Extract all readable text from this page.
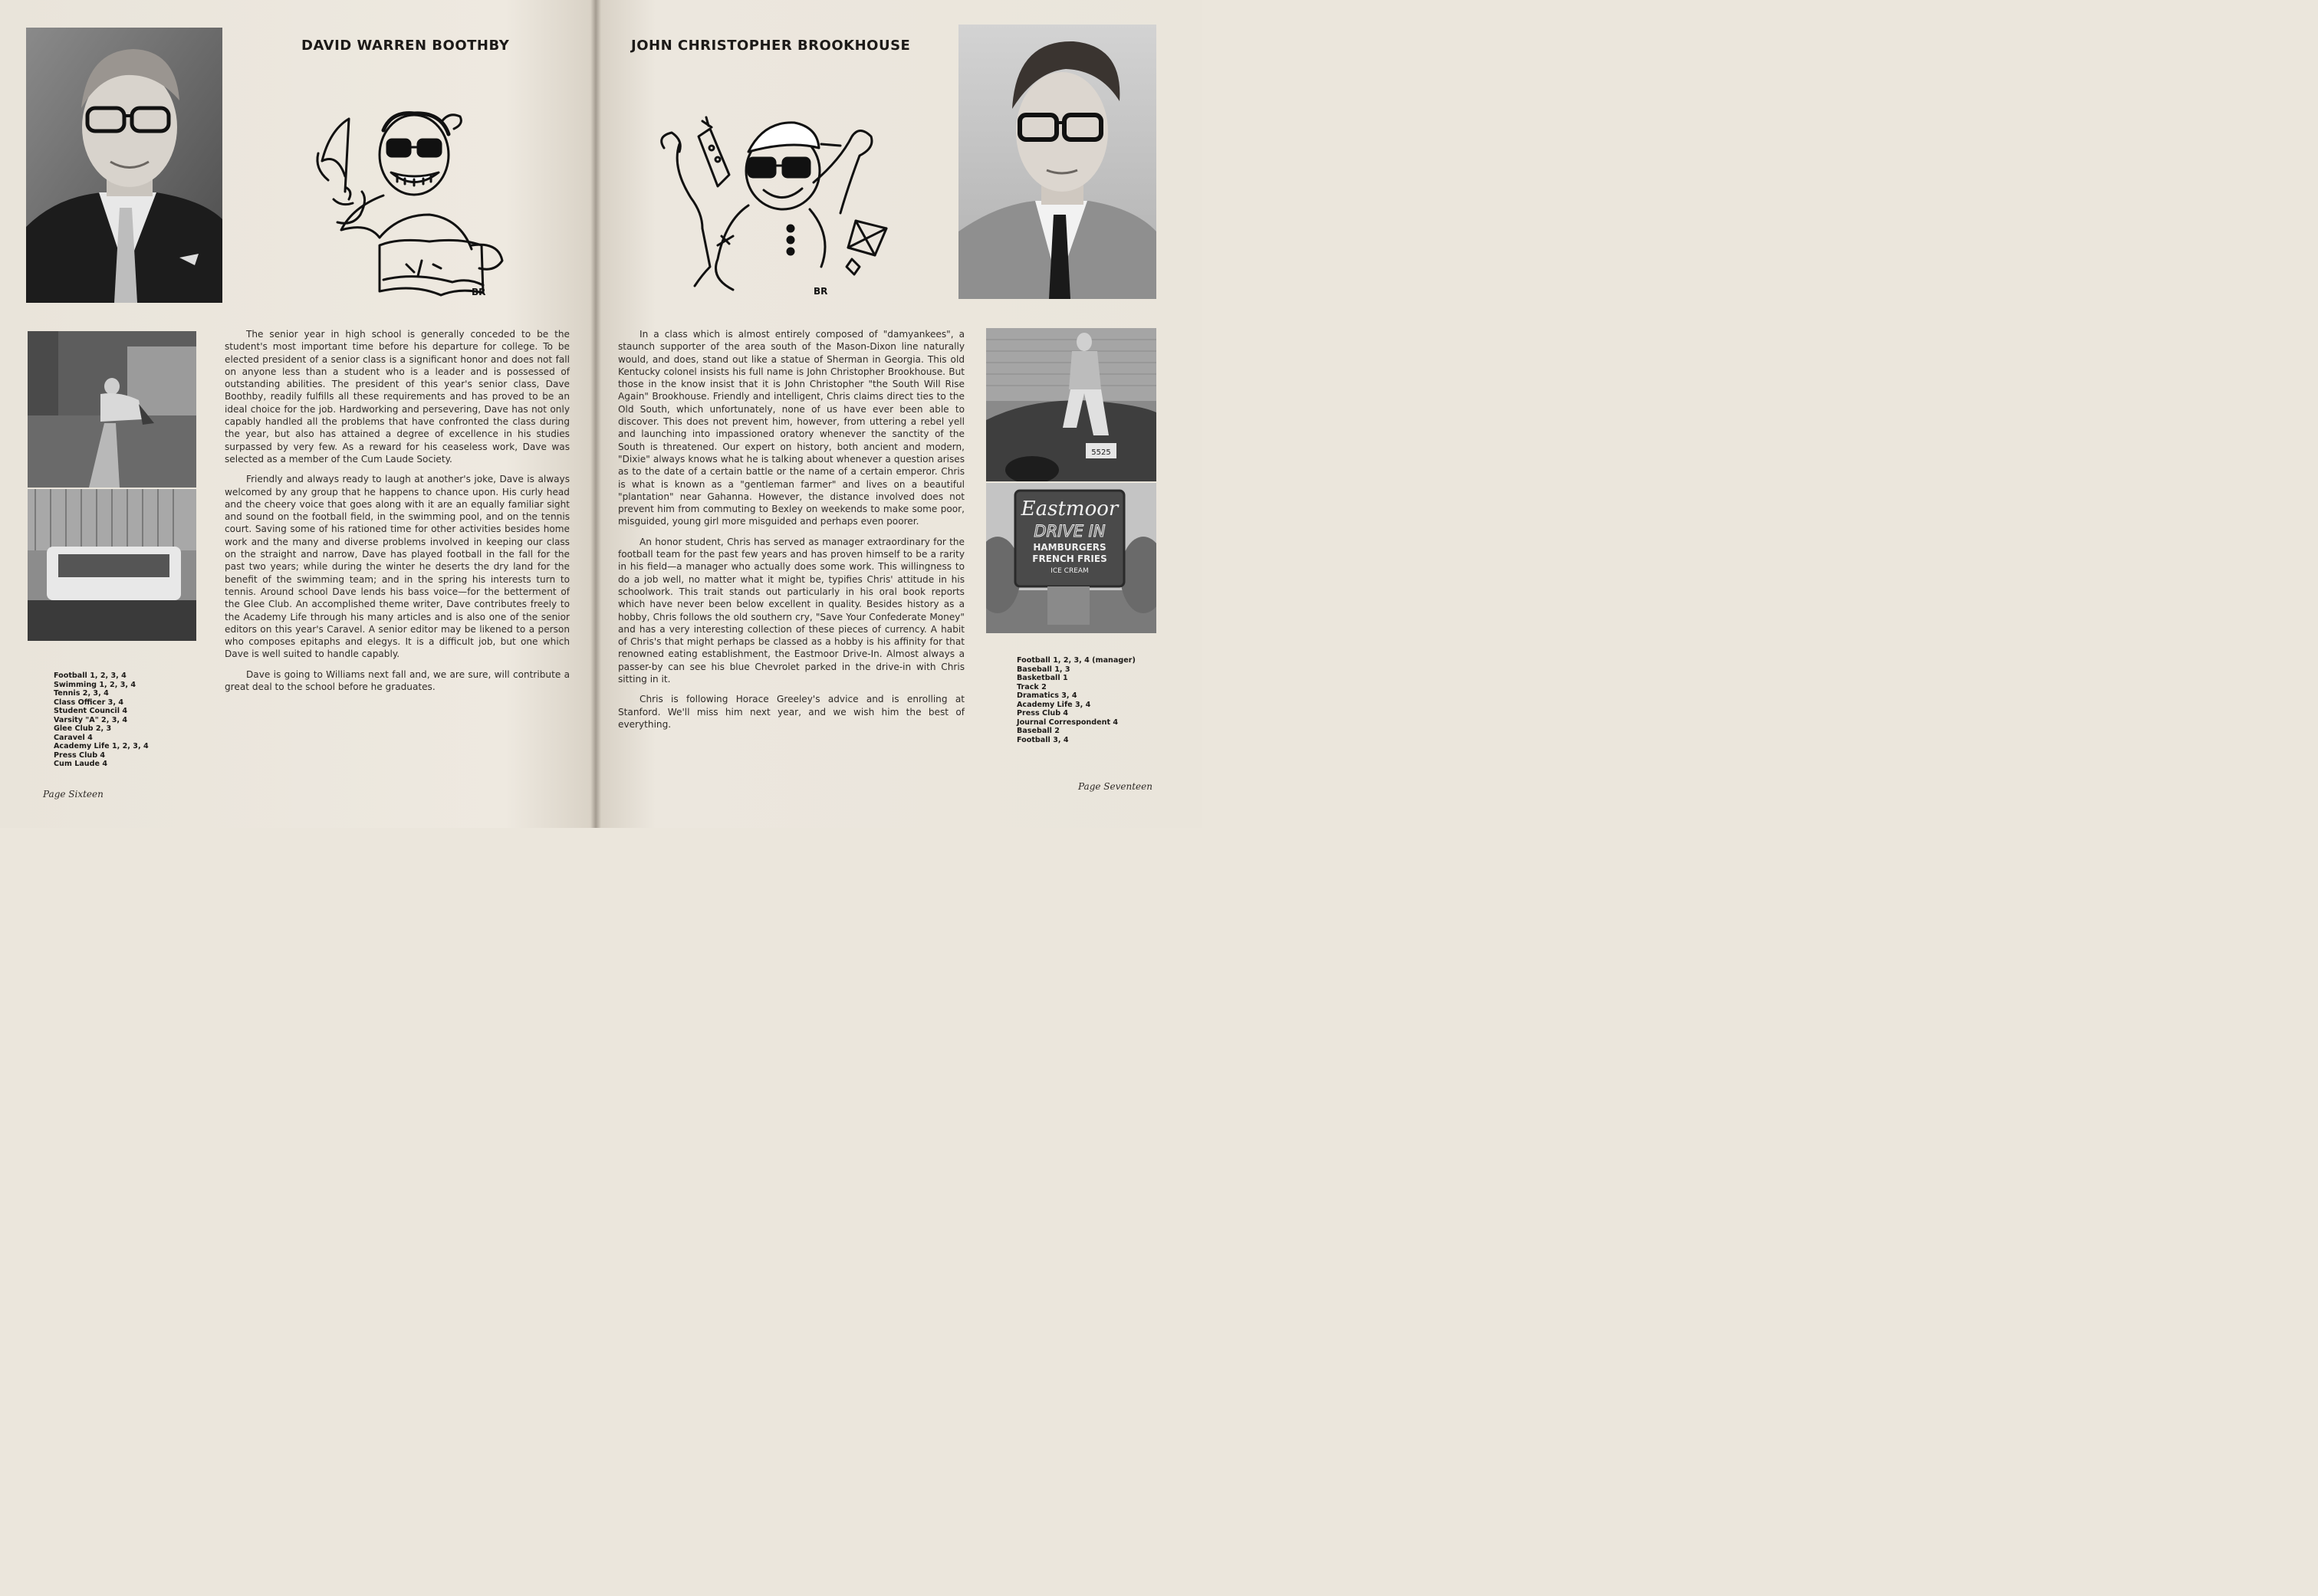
DAVID WARREN BOOTHBY
BR

The senior year in high school is generally conceded to be the student's most important time before his departure for college. To be elected president of a senior class is a significant honor and does not fall on anyone less than a student who is a leader and is possessed of outstanding abilities. The president of this year's senior class, Dave Boothby, readily fulfills all these requirements and has proved to be an ideal choice for the job. Hardworking and persevering, Dave has not only capably handled all the problems that have confronted the class during the year, but also has attained a degree of excellence in his studies surpassed by very few. As a reward for his ceaseless work, Dave was selected as a member of the Cum Laude Society.

Friendly and always ready to laugh at another's joke, Dave is always welcomed by any group that he happens to chance upon. His curly head and the cheery voice that goes along with it are an equally familiar sight and sound on the football field, in the swimming pool, and on the tennis court. Saving some of his rationed time for other activities besides home work and the many and diverse problems involved in keeping our class on the straight and narrow, Dave has played football in the fall for the past two years; while during the winter he deserts the dry land for the benefit of the swimming team; and in the spring his interests turn to tennis. Around school Dave lends his bass voice—for the betterment of the Glee Club. An accomplished theme writer, Dave contributes freely to the Academy Life through his many articles and is also one of the senior editors on this year's Caravel. A senior editor may be likened to a person who composes epitaphs and elegys. It is a difficult job, but one which Dave is well suited to handle capably.

Dave is going to Williams next fall and, we are sure, will contribute a great deal to the school before he graduates.

Football 1, 2, 3, 4
Swimming 1, 2, 3, 4
Tennis 2, 3, 4
Class Officer 3, 4
Student Council 4
Varsity "A" 2, 3, 4
Glee Club 2, 3
Caravel 4
Academy Life 1, 2, 3, 4
Press Club 4
Cum Laude 4
Page Sixteen
JOHN CHRISTOPHER BROOKHOUSE
BR
5525
Eastmoor
DRIVE IN
HAMBURGERS
FRENCH FRIES
ICE CREAM

In a class which is almost entirely composed of "damyankees", a staunch supporter of the area south of the Mason-Dixon line naturally would, and does, stand out like a statue of Sherman in Georgia. This old Kentucky colonel insists his full name is John Christopher Brookhouse. But those in the know insist that it is John Christopher "the South Will Rise Again" Brookhouse. Friendly and intelligent, Chris claims direct ties to the Old South, which unfortunately, none of us have ever been able to discover. This does not prevent him, however, from uttering a rebel yell and launching into impassioned oratory whenever the sanctity of the South is threatened. Our expert on history, both ancient and modern, "Dixie" always knows what he is talking about whenever a question arises as to the date of a certain battle or the name of a certain emperor. Chris is what is known as a "gentleman farmer" and lives on a beautiful "plantation" near Gahanna. However, the distance involved does not prevent him from commuting to Bexley on weekends to make some poor, misguided, young girl more misguided and perhaps even poorer.

An honor student, Chris has served as manager extraordinary for the football team for the past few years and has proven himself to be a rarity in his field—a manager who actually does some work. This willingness to do a job well, no matter what it might be, typifies Chris' attitude in his schoolwork. This trait stands out particularly in his oral book reports which have never been below excellent in quality. Besides history as a hobby, Chris follows the old southern cry, "Save Your Confederate Money" and has a very interesting collection of these pieces of currency. A habit of Chris's that might perhaps be classed as a hobby is his affinity for that renowned eating establishment, the Eastmoor Drive-In. Almost always a passer-by can see his blue Chevrolet parked in the drive-in with Chris sitting in it.

Chris is following Horace Greeley's advice and is enrolling at Stanford. We'll miss him next year, and we wish him the best of everything.

Football 1, 2, 3, 4 (manager)
Baseball 1, 3
Basketball 1
Track 2
Dramatics 3, 4
Academy Life 3, 4
Press Club 4
Journal Correspondent 4
Baseball 2
Football 3, 4
Page Seventeen
